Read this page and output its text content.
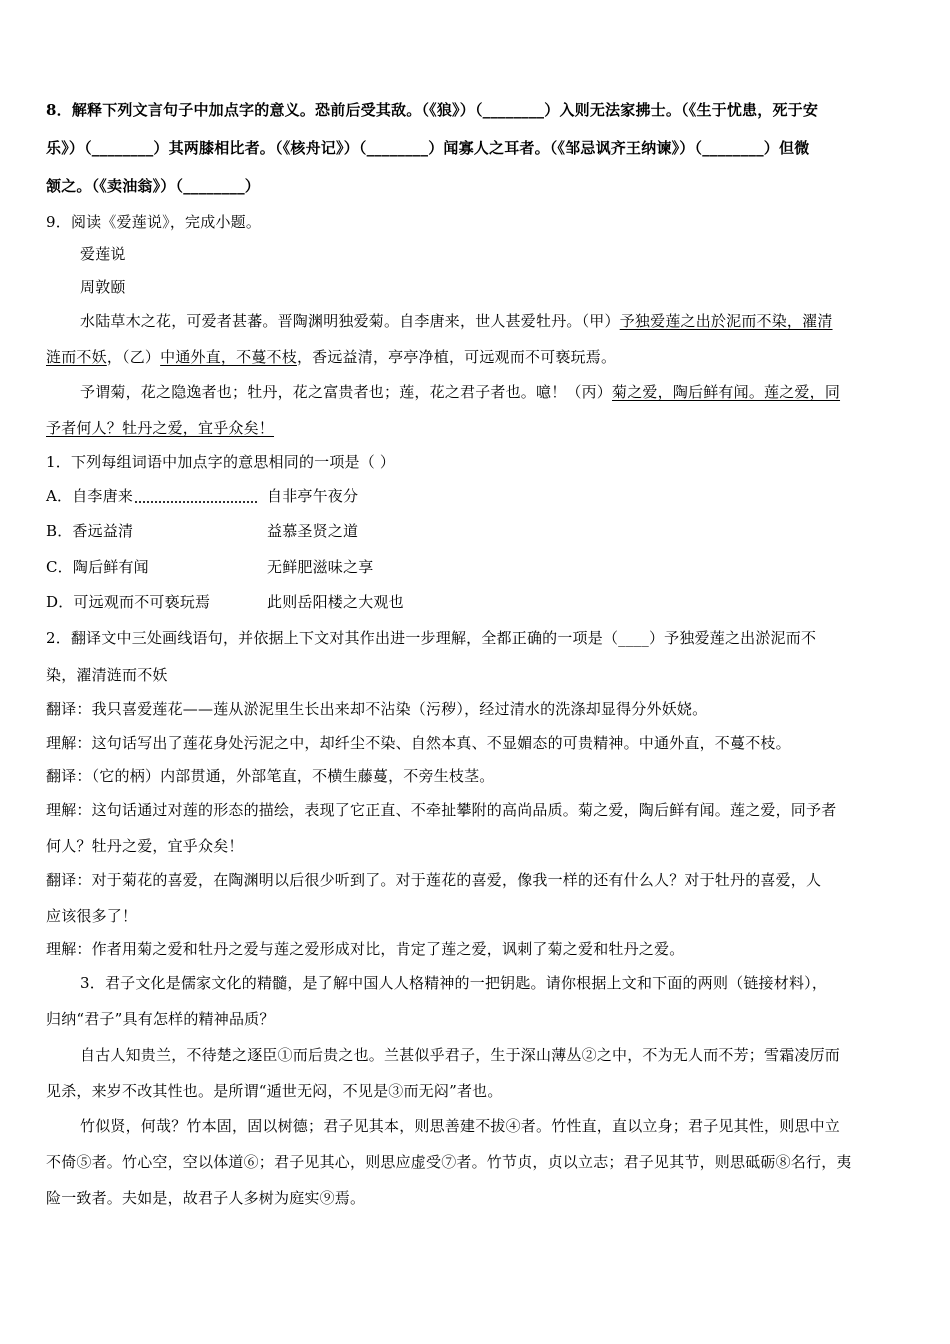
8．解释下列文言句子中加点字的意义。恐前后受其敌。（《狼》）（________）入则无法家拂士。（《生于忧患，死于安
乐》）（________）其两膝相比者。（《核舟记》）（________）闻寡人之耳者。（《邹忌讽齐王纳谏》）（________）但微
颔之。（《卖油翁》）（________）
9．阅读《爱莲说》，完成小题。
爱莲说
周敦颐
水陆草木之花，可爱者甚蕃。晋陶渊明独爱菊。自李唐来，世人甚爱牡丹。（甲）予独爱莲之出於泥而不染，濯清
涟而不妖，（乙）中通外直，不蔓不枝，香远益清，亭亭净植，可远观而不可亵玩焉。
予谓菊，花之隐逸者也；牡丹，花之富贵者也；莲，花之君子者也。噫！（丙）菊之爱，陶后鲜有闻。莲之爱，同
予者何人？牡丹之爱，宜乎众矣！
1．下列每组词语中加点字的意思相同的一项是（ ）
A．自李唐来	自非亭午夜分
B．香远益清	益慕圣贤之道
C．陶后鲜有闻	无鲜肥滋味之享
D．可远观而不可亵玩焉	此则岳阳楼之大观也
2．翻译文中三处画线语句，并依据上下文对其作出进一步理解，全都正确的一项是（____）予独爱莲之出淤泥而不
染，濯清涟而不妖
翻译：我只喜爱莲花——莲从淤泥里生长出来却不沾染（污秽），经过清水的洗涤却显得分外妖娆。
理解：这句话写出了莲花身处污泥之中，却纤尘不染、自然本真、不显媚态的可贵精神。中通外直，不蔓不枝。
翻译：（它的柄）内部贯通，外部笔直，不横生藤蔓，不旁生枝茎。
理解：这句话通过对莲的形态的描绘，表现了它正直、不牵扯攀附的高尚品质。菊之爱，陶后鲜有闻。莲之爱，同予者
何人？牡丹之爱，宜乎众矣！
翻译：对于菊花的喜爱，在陶渊明以后很少听到了。对于莲花的喜爱，像我一样的还有什么人？对于牡丹的喜爱，人
应该很多了！
理解：作者用菊之爱和牡丹之爱与莲之爱形成对比，肯定了莲之爱，讽刺了菊之爱和牡丹之爱。
3．君子文化是儒家文化的精髓，是了解中国人人格精神的一把钥匙。请你根据上文和下面的两则（链接材料），
归纳“君子”具有怎样的精神品质？
自古人知贵兰，不待楚之逐臣①而后贵之也。兰甚似乎君子，生于深山薄丛②之中，不为无人而不芳；雪霜凌厉而
见杀，来岁不改其性也。是所谓“遁世无闷，不见是③而无闷”者也。
竹似贤，何哉？竹本固，固以树德；君子见其本，则思善建不拔④者。竹性直，直以立身；君子见其性，则思中立
不倚⑤者。竹心空，空以体道⑥；君子见其心，则思应虚受⑦者。竹节贞，贞以立志；君子见其节，则思砥砺⑧名行，夷
险一致者。夫如是，故君子人多树为庭实⑨焉。
